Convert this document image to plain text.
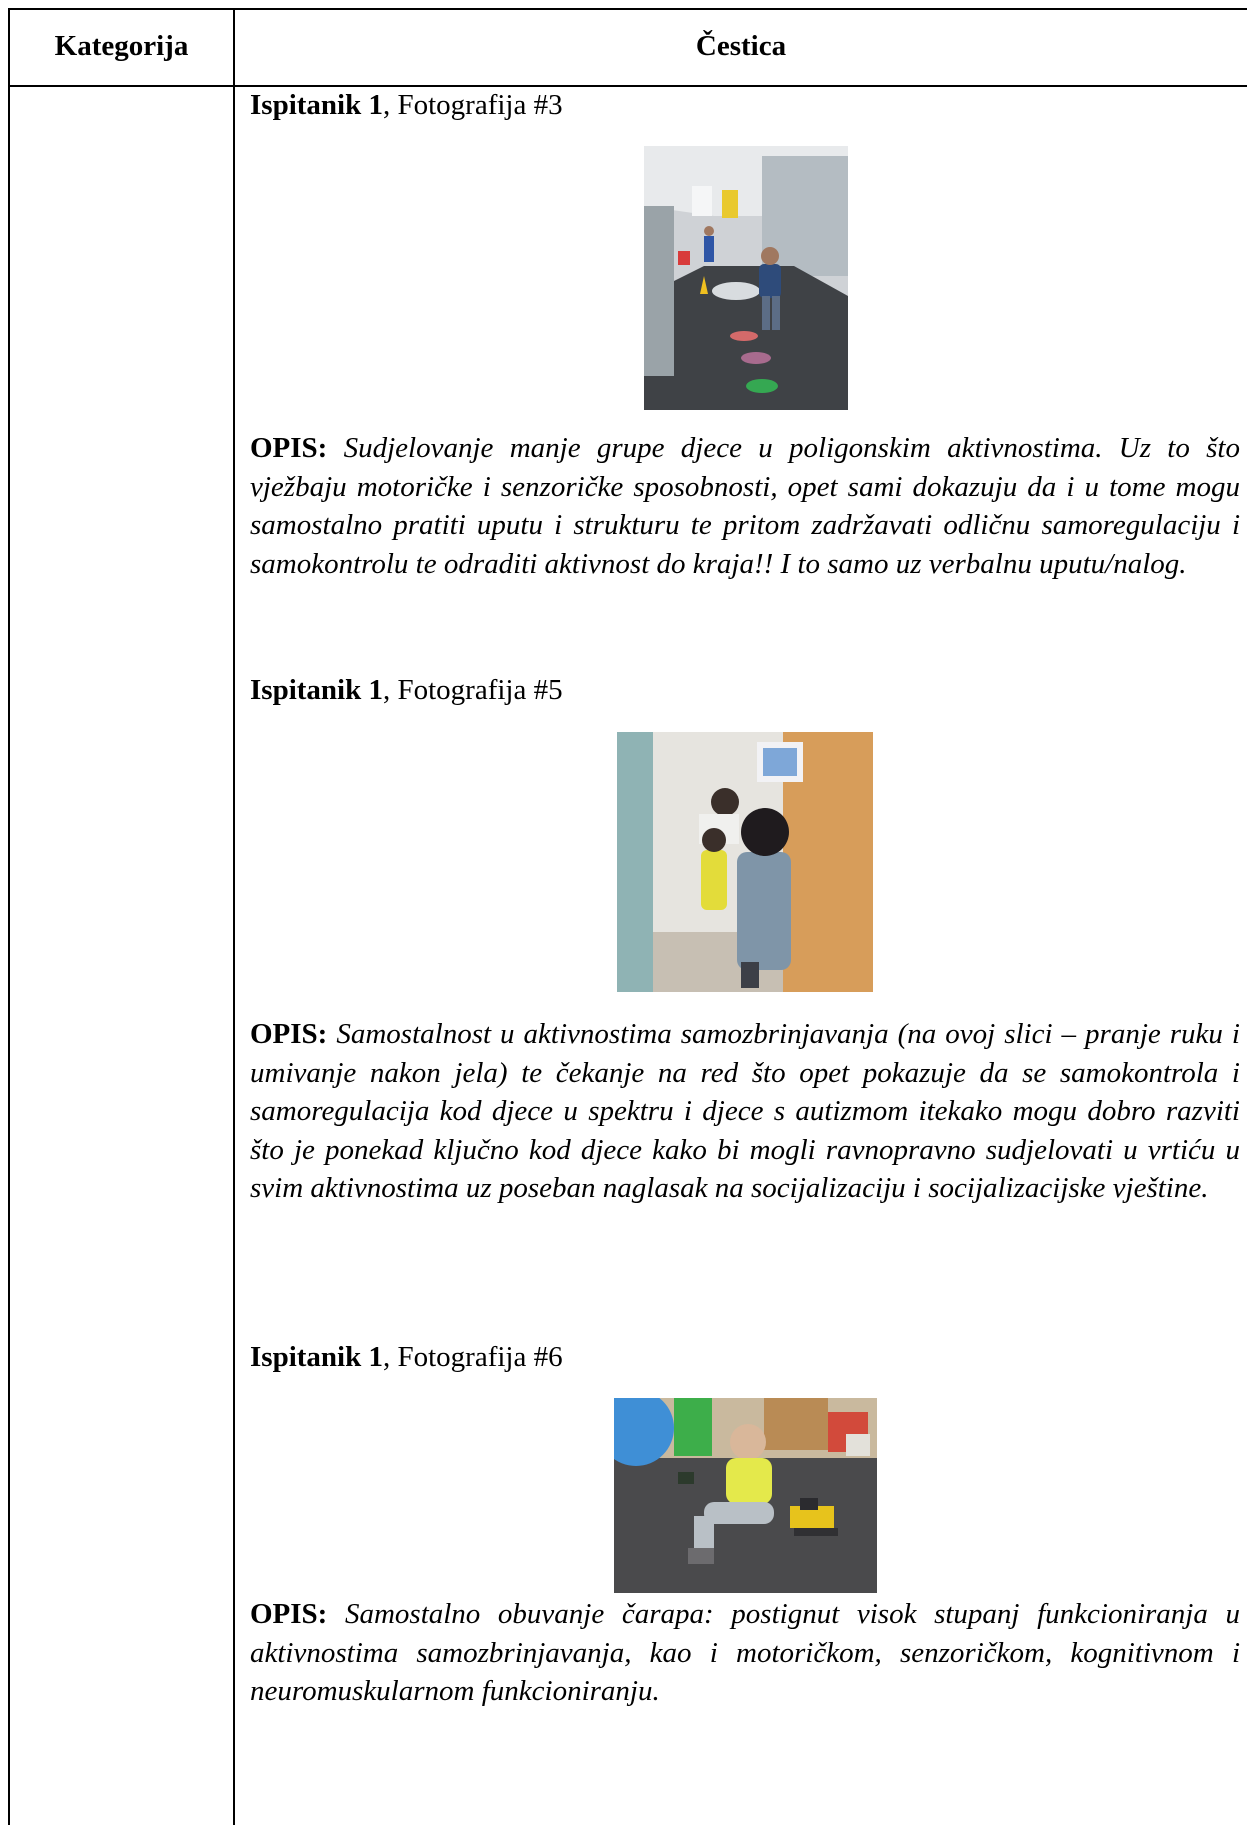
Kategorija	Čestica
Ispitanik 1, Fotografija #3
OPIS: Sudjelovanje manje grupe djece u poligonskim aktivnostima. Uz to što vježbaju motoričke i senzoričke sposobnosti, opet sami dokazuju da i u tome mogu samostalno pratiti uputu i strukturu te pritom zadržavati odličnu samoregulaciju i samokontrolu te odraditi aktivnost do kraja!! I to samo uz verbalnu uputu/nalog.
Ispitanik 1, Fotografija #5
OPIS: Samostalnost u aktivnostima samozbrinjavanja (na ovoj slici – pranje ruku i umivanje nakon jela) te čekanje na red što opet pokazuje da se samokontrola i samoregulacija kod djece u spektru i djece s autizmom itekako mogu dobro razviti što je ponekad ključno kod djece kako bi mogli ravnopravno sudjelovati u vrtiću u svim aktivnostima uz poseban naglasak na socijalizaciju i socijalizacijske vještine.
Ispitanik 1, Fotografija #6
OPIS: Samostalno obuvanje čarapa: postignut visok stupanj funkcioniranja u aktivnostima samozbrinjavanja, kao i motoričkom, senzoričkom, kognitivnom i neuromuskularnom funkcioniranju.
